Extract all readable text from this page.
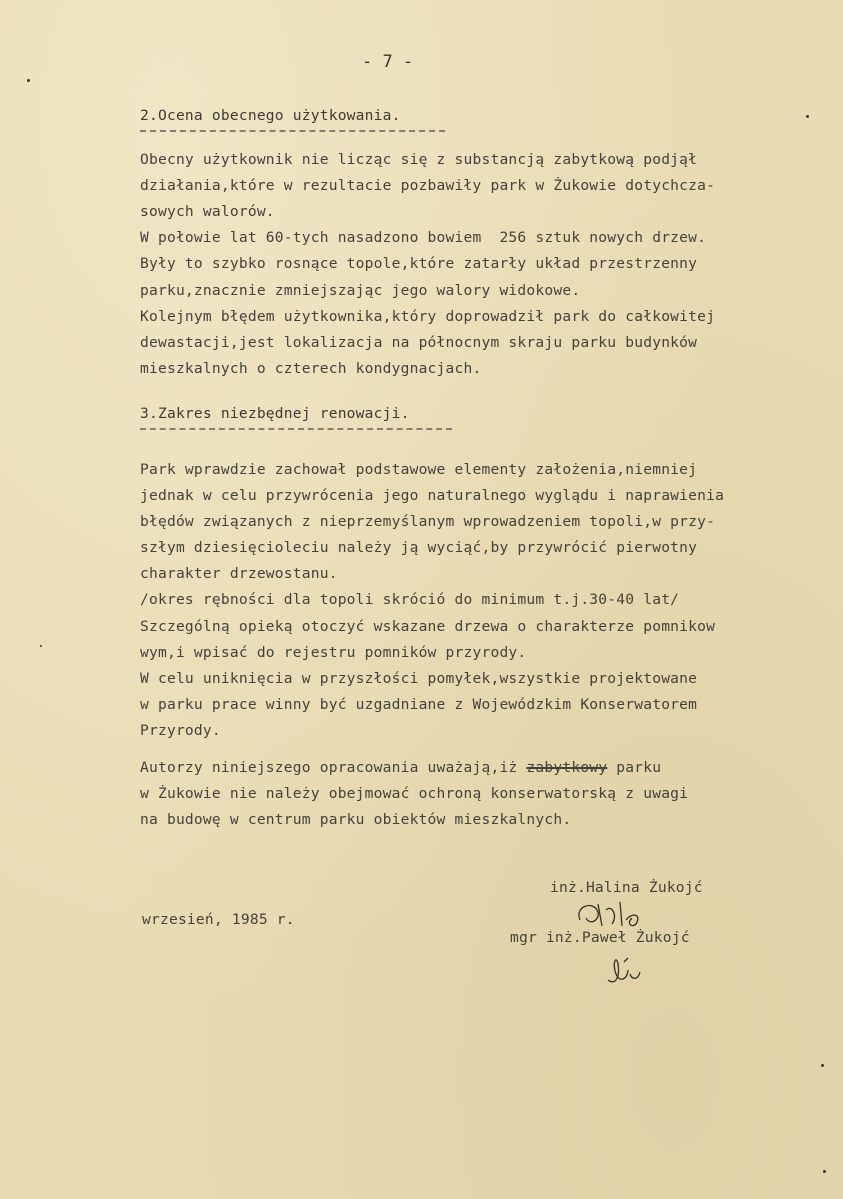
- 7 -
2.Ocena obecnego użytkowania.
Obecny użytkownik nie licząc się z substancją zabytkową podjął
działania,które w rezultacie pozbawiły park w Żukowie dotychcza-
sowych walorów.
W połowie lat 60-tych nasadzono bowiem  256 sztuk nowych drzew.
Były to szybko rosnące topole,które zatarły układ przestrzenny
parku,znacznie zmniejszając jego walory widokowe.
Kolejnym błędem użytkownika,który doprowadził park do całkowitej
dewastacji,jest lokalizacja na północnym skraju parku budynków
mieszkalnych o czterech kondygnacjach.
3.Zakres niezbędnej renowacji.
Park wprawdzie zachował podstawowe elementy założenia,niemniej
jednak w celu przywrócenia jego naturalnego wyglądu i naprawienia
błędów związanych z nieprzemyślanym wprowadzeniem topoli,w przy-
szłym dziesięcioleciu należy ją wyciąć,by przywrócić pierwotny
charakter drzewostanu.
/okres rębności dla topoli skróció do minimum t.j.30-40 lat/
Szczególną opieką otoczyć wskazane drzewa o charakterze pomnikow
wym,i wpisać do rejestru pomników przyrody.
W celu uniknięcia w przyszłości pomyłek,wszystkie projektowane
w parku prace winny być uzgadniane z Wojewódzkim Konserwatorem
Przyrody.
Autorzy niniejszego opracowania uważają,iż zabytkowy parku
w Żukowie nie należy obejmować ochroną konserwatorską z uwagi
na budowę w centrum parku obiektów mieszkalnych.
inż.Halina Żukojć
wrzesień, 1985 r.
mgr inż.Paweł Żukojć
